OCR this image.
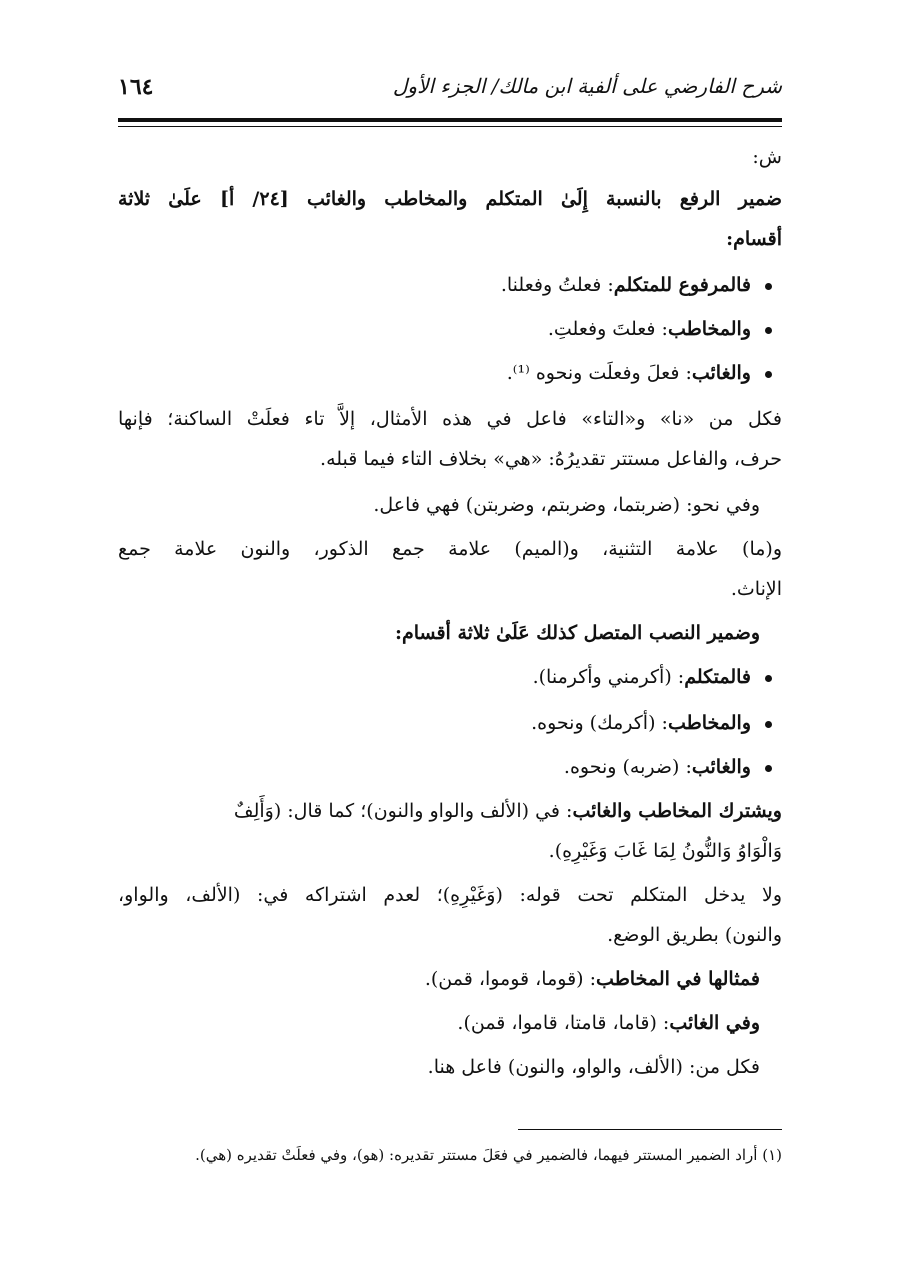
شرح الفارضي على ألفية ابن مالك/ الجزء الأول
١٦٤
ش:
ضمير الرفع بالنسبة إِلَىٰ المتكلم والمخاطب والغائب [٢٤/ أ] علَىٰ ثلاثة
أقسام:
فالمرفوع للمتكلم: فعلتُ وفعلنا.
والمخاطب: فعلتَ وفعلتِ.
والغائب: فعلَ وفعلَت ونحوه ⁽¹⁾.
فكل من «نا» و«التاء» فاعل في هذه الأمثال، إلاَّ تاء فعلَتْ الساكنة؛ فإنها
حرف، والفاعل مستتر تقديرُهُ: «هي» بخلاف التاء فيما قبله.
وفي نحو: (ضربتما، وضربتم، وضربتن) فهي فاعل.
و(ما) علامة التثنية، و(الميم) علامة جمع الذكور، والنون علامة جمع
الإناث.
وضمير النصب المتصل كذلك عَلَىٰ ثلاثة أقسام:
فالمتكلم: (أكرمني وأكرمنا).
والمخاطب: (أكرمك) ونحوه.
والغائب: (ضربه) ونحوه.
ويشترك المخاطب والغائب: في (الألف والواو والنون)؛ كما قال: (وَأَلِفٌ
وَالْوَاوُ وَالنُّونُ لِمَا غَابَ وَغَيْرِهِ).
ولا يدخل المتكلم تحت قوله: (وَغَيْرِهِ)؛ لعدم اشتراكه في: (الألف، والواو،
والنون) بطريق الوضع.
فمثالها في المخاطب: (قوما، قوموا، قمن).
وفي الغائب: (قاما، قامتا، قاموا، قمن).
فكل من: (الألف، والواو، والنون) فاعل هنا.
(١) أراد الضمير المستتر فيهما، فالضمير في فعَلَ مستتر تقديره: (هو)، وفي فعلَتْ تقديره (هي).
